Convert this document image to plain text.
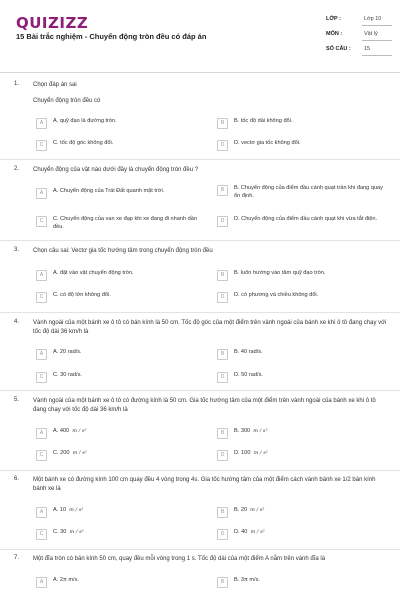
QUIZIZZ
15 Bài trắc nghiệm - Chuyển động tròn đều có đáp án
LỚP :	Lớp 10
MÔN :	Vật lý
SỐ CÂU : 15
1. Chọn đáp án sai
Chuyển động tròn đều có
A	A. quỹ đạo là đường tròn.	B	B. tốc độ dài không đổi.
C	C. tốc độ góc không đổi.	D	D. vectơ gia tốc không đổi.
2. Chuyển động của vật nào dưới đây là chuyển động tròn đều ?
A	A. Chuyển động của Trái Đất quanh mặt trời.	B	B. Chuyển động của điểm đầu cánh quạt trần khi đang quay ổn định.
C	C. Chuyển động của van xe đạp khi xe đang đi nhanh dần đều.
D	D. Chuyển động của điểm đầu cánh quạt khi vừa tắt điện.
3. Chọn câu sai: Vectơ gia tốc hướng tâm trong chuyển động tròn đều
A	A. đặt vào vật chuyển động tròn.	B	B. luôn hướng vào tâm quỹ đạo tròn.
C	C. có độ lớn không đổi.	D	D. có phương và chiều không đổi.
4. Vành ngoài của một bánh xe ô tô có bán kính là 50 cm. Tốc độ góc của một điểm trên vành ngoài của bánh xe khi ô tô đang chạy với tốc độ dài 36 km/h là
A	A. 20 rad/s.	B	B. 40 rad/s.
C	C. 30 rad/s.	D	D. 50 rad/s.
5. Vành ngoài của một bánh xe ô tô có đường kính là 50 cm. Gia tốc hướng tâm của một điểm trên vành ngoài của bánh xe khi ô tô đang chạy với tốc độ dài 36 km/h là
A	A. 400 m / s²	B	B. 300 m / s²
C	C. 200 m / s²	D	D. 100 m / s²
6. Một bánh xe có đường kính 100 cm quay đều 4 vòng trong 4s. Gia tốc hướng tâm của một điểm cách vành bánh xe 1/2 bán kính bánh xe là
A	A. 10 m / s²	B	B. 20 m / s²
C	C. 30 m / s²	D	D. 40 m / s²
7. Một đĩa tròn có bán kính 50 cm, quay đều mỗi vòng trong 1 s. Tốc độ dài của một điểm A nằm trên vành đĩa là
A	A. 2π m/s.	B	B. 3π m/s.
